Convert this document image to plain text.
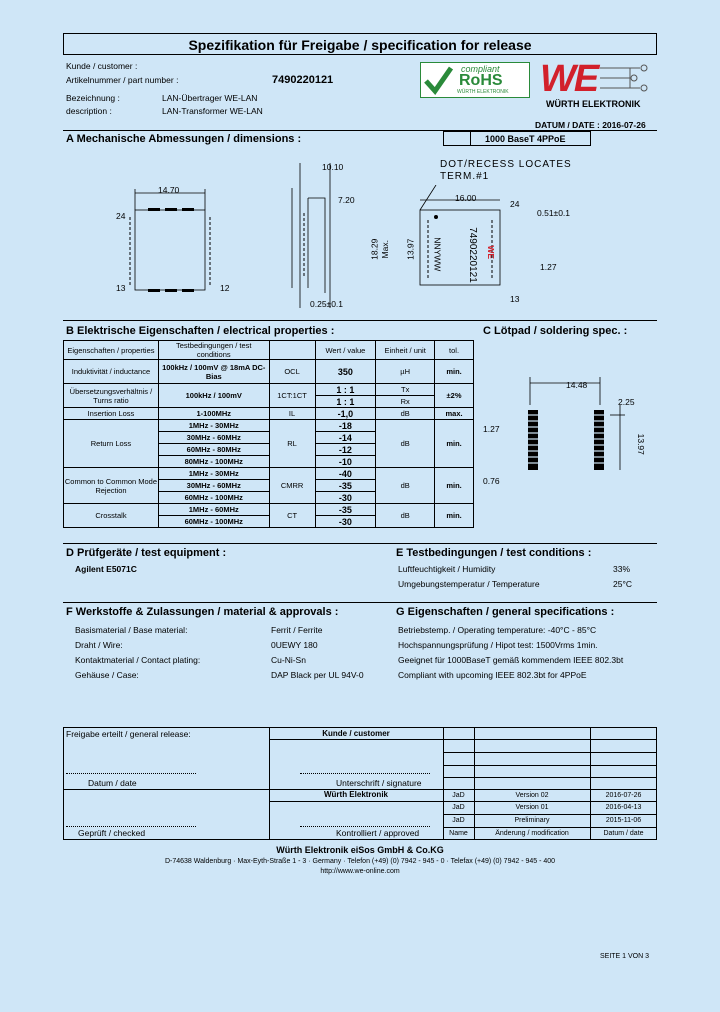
Spezifikation für Freigabe / specification for release
Kunde / customer :
Artikelnummer / part number :	7490220121
Bezeichnung :	LAN-Übertrager WE-LAN
description :	LAN-Transformer WE-LAN
DATUM / DATE : 2016-07-26
compliant
RoHS
WÜRTH ELEKTRONIK WE
WÜRTH ELEKTRONIK
A Mechanische Abmessungen / dimensions :	1000 BaseT 4PPoE
14.70
24
13	12
10.10
7.20
0.25±0.1
DOT/RECESS LOCATES
TERM.#1
16.00
24
0.51±0.1
18.29 Max. 13.97	7490220121
NNYWW	WE
1.27
13
B Elektrische Eigenschaften / electrical properties :
Eigenschaften / properties	Testbedingungen / test conditions		Wert / value	Einheit / unit	tol.
Induktivität / inductance	100kHz / 100mV @ 18mA DC-Bias	OCL	350	µH	min.
Übersetzungsverhältnis / Turns ratio	100kHz / 100mV	1CT:1CT	1 : 1	Tx	±2%
			1 : 1	Rx	
Insertion Loss	1-100MHz	IL	-1,0	dB	max.
Return Loss	1MHz - 30MHz	RL	-18	dB	min.
	30MHz - 60MHz		-14		
	60MHz - 80MHz		-12		
	80MHz - 100MHz		-10		
Common to Common Mode Rejection	1MHz - 30MHz	CMRR	-40	dB	min.
	30MHz - 60MHz		-35		
	60MHz - 100MHz		-30		
Crosstalk	1MHz - 60MHz	CT	-35	dB	min.
	60MHz - 100MHz		-30		
C Lötpad / soldering spec. :
14.48
2.25
1.27
13.97
0.76
D Prüfgeräte / test equipment :
Agilent E5071C
E Testbedingungen / test conditions :
Luftfeuchtigkeit / Humidity	33%
Umgebungstemperatur / Temperature	25°C
F Werkstoffe & Zulassungen / material & approvals :
Basismaterial / Base material:	Ferrit / Ferrite
Draht / Wire:	0UEWY 180
Kontaktmaterial / Contact plating:	Cu-Ni-Sn
Gehäuse / Case:	DAP Black per UL 94V-0
G Eigenschaften / general specifications :
Betriebstemp. / Operating temperature: -40°C - 85°C
Hochspannungsprüfung / Hipot test: 1500Vrms 1min.
Geeignet für 1000BaseT gemäß kommendem IEEE 802.3bt
Compliant with upcoming IEEE 802.3bt for 4PPoE
Freigabe erteilt / general release:	Kunde / customer
Datum / date	Unterschrift / signature
Würth Elektronik
Geprüft / checked	Kontrolliert / approved
JaD	Version 02	2016-07-26
JaD	Version 01	2016-04-13
JaD	Preliminary	2015-11-06
Name	Änderung / modification	Datum / date
Würth Elektronik eiSos GmbH & Co.KG
D-74638 Waldenburg · Max-Eyth-Straße 1 - 3 · Germany · Telefon (+49) (0) 7942 - 945 - 0 · Telefax (+49) (0) 7942 - 945 - 400
http://www.we-online.com
SEITE 1 VON 3
